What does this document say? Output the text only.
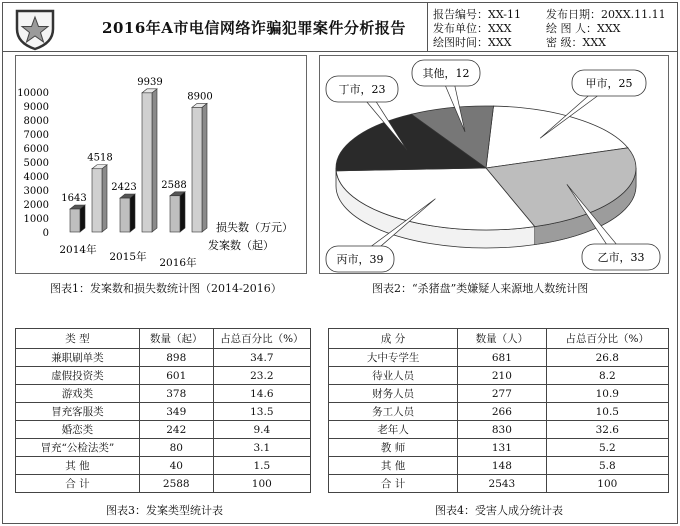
2016年A市电信网络诈骗犯罪案件分析报告
报告编号：XX-11 发布日期：20XX.11.11
发布单位：XXX	绘 图 人：XXX
绘图时间：XXX	密 级：XXX
0
1000
2000
3000
4000
5000
6000
7000
8000
9000
10000
1643
4518
2014年
2423
9939
2015年
2588
8900
2016年
损失数（万元）
发案数（起）
图表1：发案数和损失数统计图（2014-2016）
甲市，25
乙市，33
丙市，39
丁市，23
其他，12
图表2：“杀猪盘”类嫌疑人来源地人数统计图
类 型	数量（起）	占总百分比（%）
兼职刷单类	898	34.7
虚假投资类	601	23.2
游戏类	378	14.6
冒充客服类	349	13.5
婚恋类	242	9.4
冒充“公检法类”	80	3.1
其 他	40	1.5
合 计	2588	100
图表3：发案类型统计表
成 分	数量（人）	占总百分比（%）
大中专学生	681	26.8
待业人员	210	8.2
财务人员	277	10.9
务工人员	266	10.5
老年人	830	32.6
教 师	131	5.2
其 他	148	5.8
合 计	2543	100
图表4：受害人成分统计表
